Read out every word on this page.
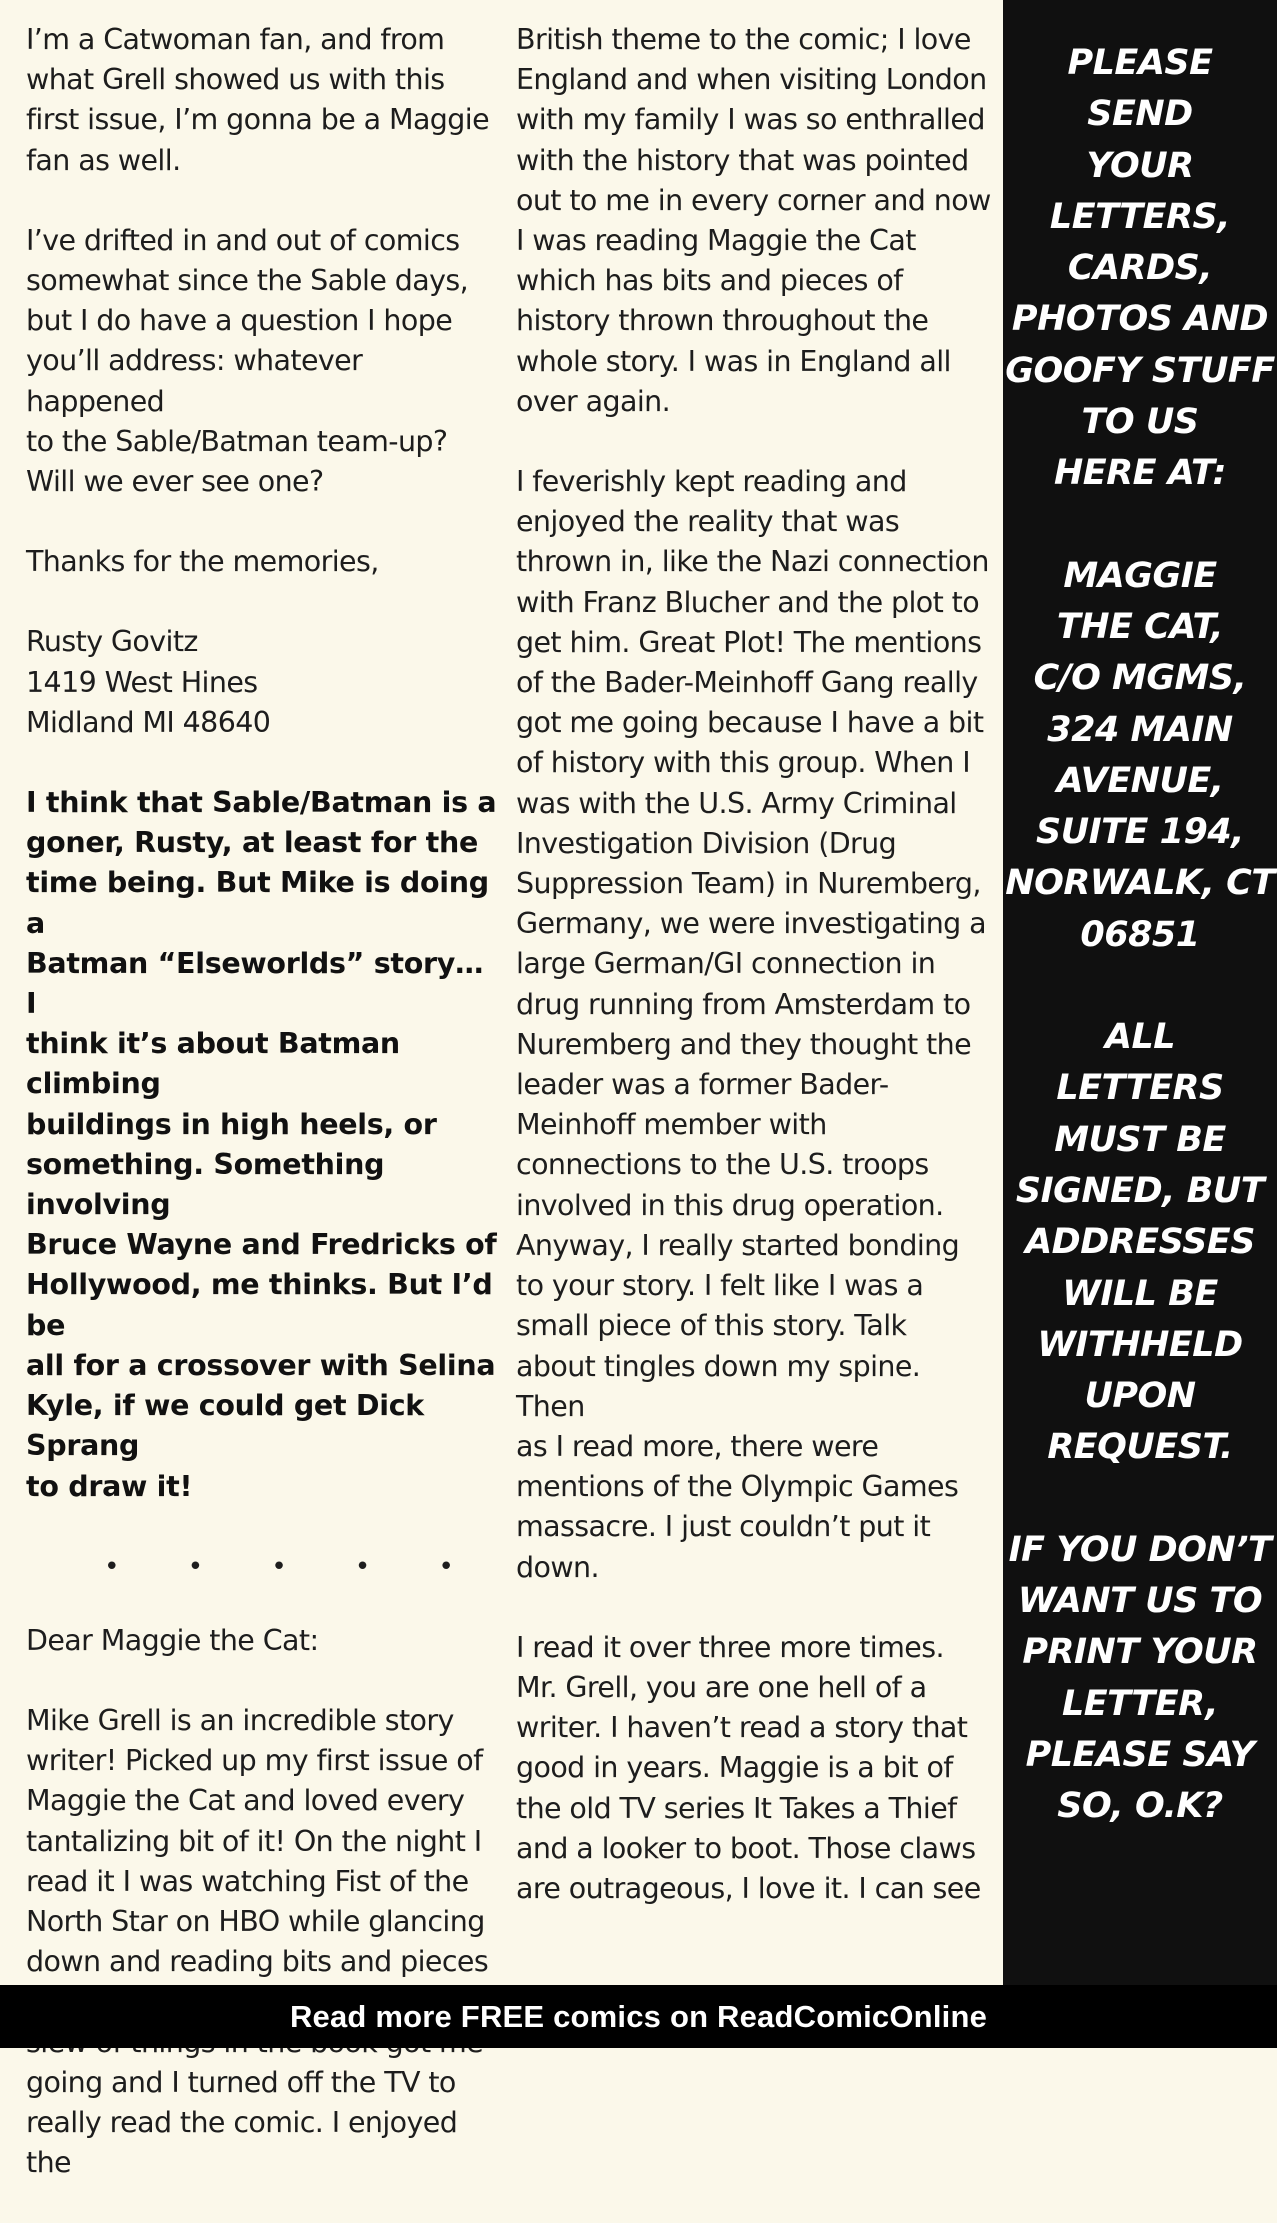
I’m a Catwoman fan, and from
what Grell showed us with this
first issue, I’m gonna be a Maggie
fan as well.

I’ve drifted in and out of comics
somewhat since the Sable days,
but I do have a question I hope
you’ll address: whatever happened
to the Sable/Batman team-up?
Will we ever see one?

Thanks for the memories,

Rusty Govitz
1419 West Hines
Midland MI 48640

I think that Sable/Batman is a
goner, Rusty, at least for the
time being. But Mike is doing a
Batman “Elseworlds” story… I
think it’s about Batman climbing
buildings in high heels, or
something. Something involving
Bruce Wayne and Fredricks of
Hollywood, me thinks. But I’d be
all for a crossover with Selina
Kyle, if we could get Dick Sprang
to draw it!

• • • • •

Dear Maggie the Cat:

Mike Grell is an incredible story
writer! Picked up my first issue of
Maggie the Cat and loved every
tantalizing bit of it! On the night I
read it I was watching Fist of the
North Star on HBO while glancing
down and reading bits and pieces

going and I turned off the TV to
really read the comic. I enjoyed the

British theme to the comic; I love
England and when visiting London
with my family I was so enthralled
with the history that was pointed
out to me in every corner and now
I was reading Maggie the Cat
which has bits and pieces of
history thrown throughout the
whole story. I was in England all
over again.

I feverishly kept reading and
enjoyed the reality that was
thrown in, like the Nazi connection
with Franz Blucher and the plot to
get him. Great Plot! The mentions
of the Bader-Meinhoff Gang really
got me going because I have a bit
of history with this group. When I
was with the U.S. Army Criminal
Investigation Division (Drug
Suppression Team) in Nuremberg,
Germany, we were investigating a
large German/GI connection in
drug running from Amsterdam to
Nuremberg and they thought the
leader was a former Bader-
Meinhoff member with
connections to the U.S. troops
involved in this drug operation.
Anyway, I really started bonding
to your story. I felt like I was a
small piece of this story. Talk
about tingles down my spine. Then
as I read more, there were
mentions of the Olympic Games
massacre. I just couldn’t put it
down.

I read it over three more times.
Mr. Grell, you are one hell of a
writer. I haven’t read a story that
good in years. Maggie is a bit of
the old TV series It Takes a Thief
and a looker to boot. Those claws
are outrageous, I love it. I can see

PLEASE
SEND
YOUR
LETTERS,
CARDS,
PHOTOS AND
GOOFY STUFF
TO US
HERE AT:
MAGGIE
THE CAT,
C/O MGMS,
324 MAIN
AVENUE,
SUITE 194,
NORWALK, CT
06851
ALL
LETTERS
MUST BE
SIGNED, BUT
ADDRESSES
WILL BE
WITHHELD
UPON
REQUEST.
IF YOU DON’T
WANT US TO
PRINT YOUR
LETTER,
PLEASE SAY
SO, O.K?
Read more FREE comics on ReadComicOnline
